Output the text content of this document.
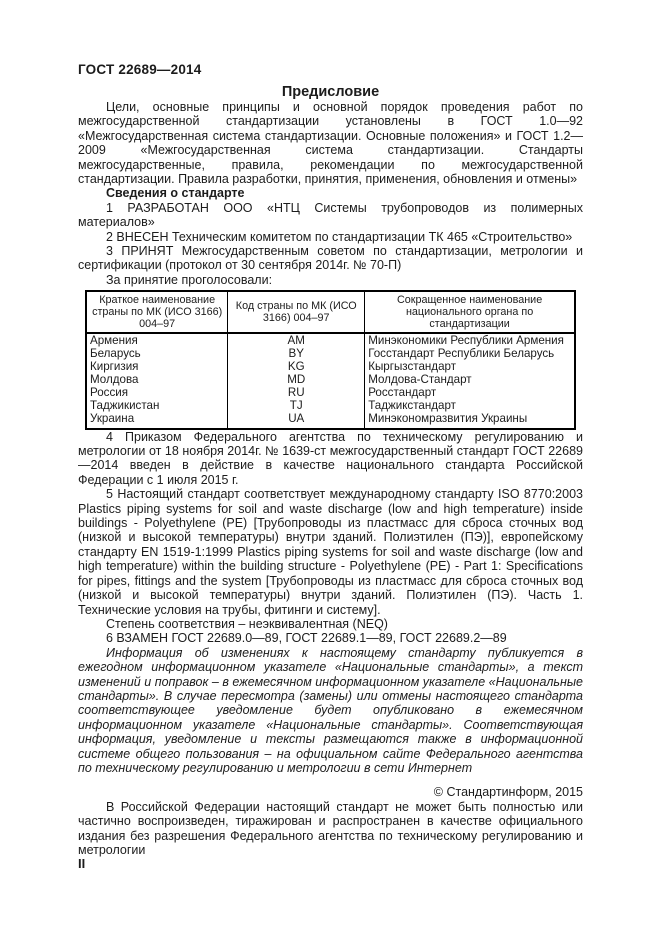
ГОСТ 22689—2014
Предисловие

Цели, основные принципы и основной порядок проведения работ по межгосударственной стандартизации установлены в ГОСТ 1.0—92 «Межгосударственная система стандартизации. Основные положения» и ГОСТ 1.2—2009 «Межгосударственная система стандартизации. Стандарты межгосударственные, правила, рекомендации по межгосударственной стандартизации. Правила разработки, принятия, применения, обновления и отмены»

Сведения о стандарте

1 РАЗРАБОТАН ООО «НТЦ Системы трубопроводов из полимерных материалов»

2 ВНЕСЕН Техническим комитетом по стандартизации ТК 465 «Строительство»

3 ПРИНЯТ Межгосударственным советом по стандартизации, метрологии и сертификации (протокол от 30 сентября 2014г. № 70-П)

За принятие проголосовали:

Краткое наименование страны по МК (ИСО 3166) 004–97	Код страны по МК (ИСО 3166) 004–97	Сокращенное наименование национального органа по стандартизации
Армения	AM	Минэкономики Республики Армения
Беларусь	BY	Госстандарт Республики Беларусь
Киргизия	KG	Кыргызстандарт
Молдова	MD	Молдова-Стандарт
Россия	RU	Росстандарт
Таджикистан	TJ	Таджикстандарт
Украина	UA	Минэкономразвития Украины

4 Приказом Федерального агентства по техническому регулированию и метрологии от 18 ноября 2014г. № 1639-ст межгосударственный стандарт ГОСТ 22689—2014 введен в действие в качестве национального стандарта Российской Федерации с 1 июля 2015 г.

5 Настоящий стандарт соответствует международному стандарту ISO 8770:2003 Plastics piping systems for soil and waste discharge (low and high temperature) inside buildings - Polyethylene (PE) [Трубопроводы из пластмасс для сброса сточных вод (низкой и высокой температуры) внутри зданий. Полиэтилен (ПЭ)], европейскому стандарту EN 1519-1:1999 Plastics piping systems for soil and waste discharge (low and high temperature) within the building structure - Polyethylene (PE) - Part 1: Specifications for pipes, fittings and the system [Трубопроводы из пластмасс для сброса сточных вод (низкой и высокой температуры) внутри зданий. Полиэтилен (ПЭ). Часть 1. Технические условия на трубы, фитинги и систему].

Степень соответствия – неэквивалентная (NEQ)

6 ВЗАМЕН ГОСТ 22689.0—89, ГОСТ 22689.1—89, ГОСТ 22689.2—89

Информация об изменениях к настоящему стандарту публикуется в ежегодном информационном указателе «Национальные стандарты», а текст изменений и поправок – в ежемесячном информационном указателе «Национальные стандарты». В случае пересмотра (замены) или отмены настоящего стандарта соответствующее уведомление будет опубликовано в ежемесячном информационном указателе «Национальные стандарты». Соответствующая информация, уведомление и тексты размещаются также в информационной системе общего пользования – на официальном сайте Федерального агентства по техническому регулированию и метрологии в сети Интернет

© Стандартинформ, 2015

В Российской Федерации настоящий стандарт не может быть полностью или частично воспроизведен, тиражирован и распространен в качестве официального издания без разрешения Федерального агентства по техническому регулированию и метрологии

II
